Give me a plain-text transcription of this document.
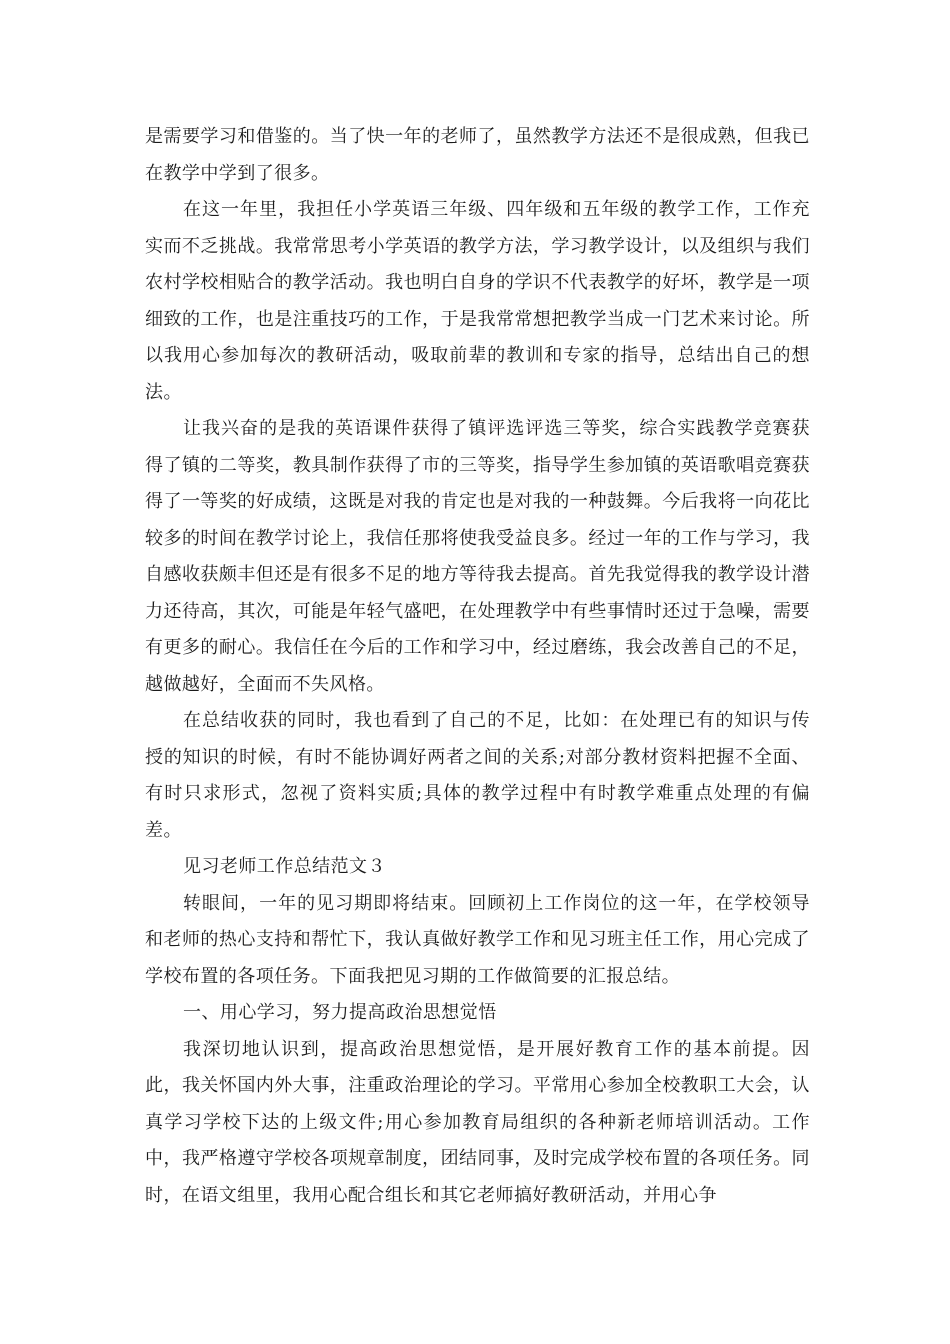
是需要学习和借鉴的。当了快一年的老师了，虽然教学方法还不是很成熟，但我已在教学中学到了很多。

在这一年里，我担任小学英语三年级、四年级和五年级的教学工作，工作充实而不乏挑战。我常常思考小学英语的教学方法，学习教学设计，以及组织与我们农村学校相贴合的教学活动。我也明白自身的学识不代表教学的好坏，教学是一项细致的工作，也是注重技巧的工作，于是我常常想把教学当成一门艺术来讨论。所以我用心参加每次的教研活动，吸取前辈的教训和专家的指导，总结出自己的想法。

让我兴奋的是我的英语课件获得了镇评选评选三等奖，综合实践教学竞赛获得了镇的二等奖，教具制作获得了市的三等奖，指导学生参加镇的英语歌唱竞赛获得了一等奖的好成绩，这既是对我的肯定也是对我的一种鼓舞。今后我将一向花比较多的时间在教学讨论上，我信任那将使我受益良多。经过一年的工作与学习，我自感收获颇丰但还是有很多不足的地方等待我去提高。首先我觉得我的教学设计潜力还待高，其次，可能是年轻气盛吧，在处理教学中有些事情时还过于急噪，需要有更多的耐心。我信任在今后的工作和学习中，经过磨练，我会改善自己的不足，越做越好，全面而不失风格。

在总结收获的同时，我也看到了自己的不足，比如：在处理已有的知识与传授的知识的时候，有时不能协调好两者之间的关系;对部分教材资料把握不全面、有时只求形式，忽视了资料实质;具体的教学过程中有时教学难重点处理的有偏差。

见习老师工作总结范文３

转眼间，一年的见习期即将结束。回顾初上工作岗位的这一年，在学校领导和老师的热心支持和帮忙下，我认真做好教学工作和见习班主任工作，用心完成了学校布置的各项任务。下面我把见习期的工作做简要的汇报总结。

一、用心学习，努力提高政治思想觉悟

我深切地认识到，提高政治思想觉悟，是开展好教育工作的基本前提。因此，我关怀国内外大事，注重政治理论的学习。平常用心参加全校教职工大会，认真学习学校下达的上级文件;用心参加教育局组织的各种新老师培训活动。工作中，我严格遵守学校各项规章制度，团结同事，及时完成学校布置的各项任务。同时，在语文组里，我用心配合组长和其它老师搞好教研活动，并用心争
